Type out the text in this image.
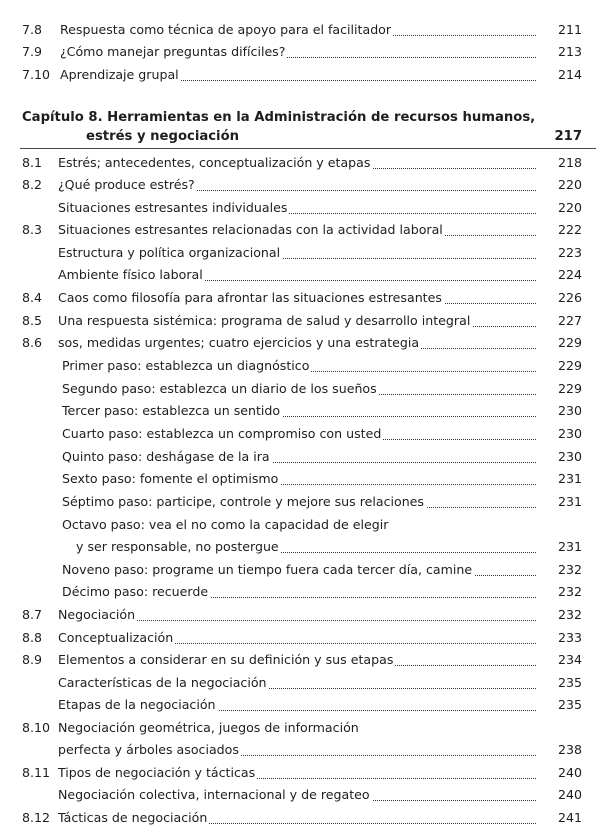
7.8 Respuesta como técnica de apoyo para el facilitador	211
7.9 ¿Cómo manejar preguntas difíciles?	213
7.10 Aprendizaje grupal	214
Capítulo 8. Herramientas en la Administración de recursos humanos,
estrés y negociación	217
8.1 Estrés; antecedentes, conceptualización y etapas	218
8.2 ¿Qué produce estrés?	220
Situaciones estresantes individuales	220
8.3 Situaciones estresantes relacionadas con la actividad laboral	222
Estructura y política organizacional	223
Ambiente físico laboral	224
8.4 Caos como filosofía para afrontar las situaciones estresantes	226
8.5 Una respuesta sistémica: programa de salud y desarrollo integral	227
8.6 sos, medidas urgentes; cuatro ejercicios y una estrategia	229
Primer paso: establezca un diagnóstico	229
Segundo paso: establezca un diario de los sueños	229
Tercer paso: establezca un sentido	230
Cuarto paso: establezca un compromiso con usted	230
Quinto paso: deshágase de la ira	230
Sexto paso: fomente el optimismo	231
Séptimo paso: participe, controle y mejore sus relaciones	231
Octavo paso: vea el no como la capacidad de elegir
y ser responsable, no postergue	231
Noveno paso: programe un tiempo fuera cada tercer día, camine	232
Décimo paso: recuerde	232
8.7 Negociación	232
8.8 Conceptualización	233
8.9 Elementos a considerar en su definición y sus etapas	234
Características de la negociación	235
Etapas de la negociación	235
8.10 Negociación geométrica, juegos de información
perfecta y árboles asociados	238
8.11 Tipos de negociación y tácticas	240
Negociación colectiva, internacional y de regateo	240
8.12 Tácticas de negociación	241
